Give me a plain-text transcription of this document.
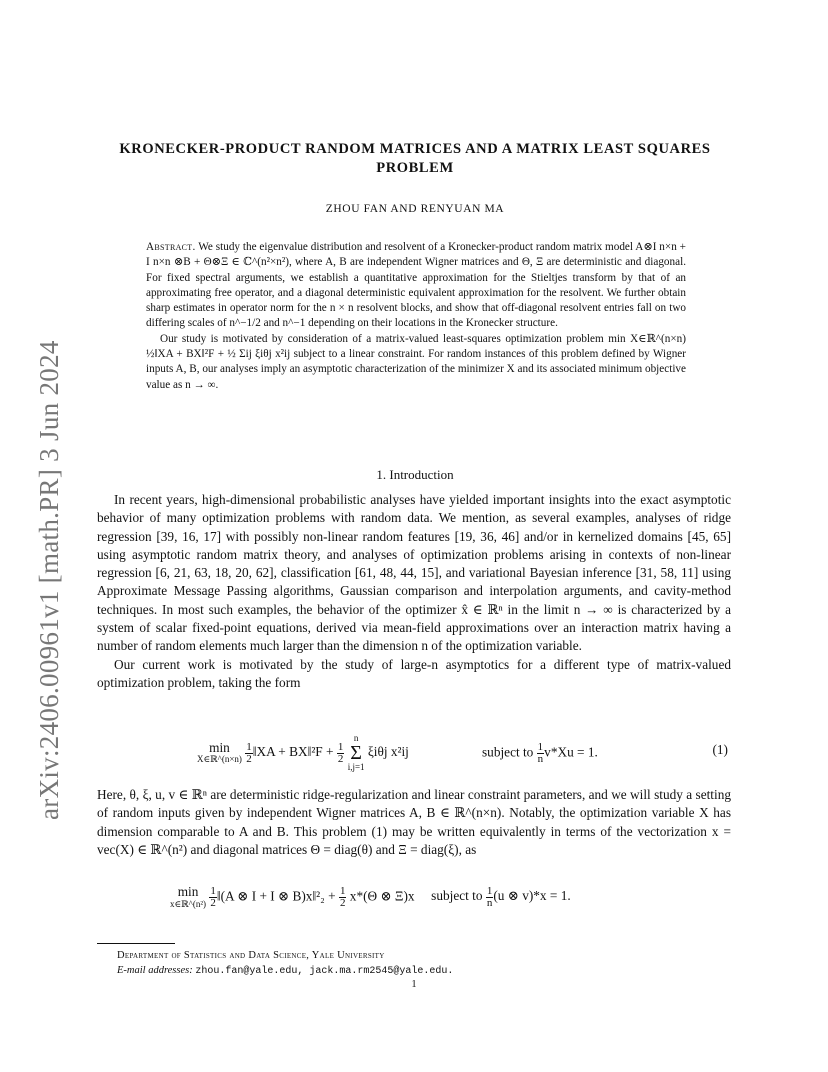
arXiv:2406.00961v1 [math.PR] 3 Jun 2024
KRONECKER-PRODUCT RANDOM MATRICES AND A MATRIX LEAST SQUARES PROBLEM
ZHOU FAN AND RENYUAN MA

Abstract. We study the eigenvalue distribution and resolvent of a Kronecker-product random matrix model A⊗I n×n + I n×n ⊗B + Θ⊗Ξ ∈ ℂ^(n²×n²), where A, B are independent Wigner matrices and Θ, Ξ are deterministic and diagonal. For fixed spectral arguments, we establish a quantitative approximation for the Stieltjes transform by that of an approximating free operator, and a diagonal deterministic equivalent approximation for the resolvent. We further obtain sharp estimates in operator norm for the n × n resolvent blocks, and show that off-diagonal resolvent entries fall on two differing scales of n^−1/2 and n^−1 depending on their locations in the Kronecker structure.

Our study is motivated by consideration of a matrix-valued least-squares optimization problem min X∈ℝ^(n×n) ½‖XA + BX‖²F + ½ Σij ξiθj x²ij subject to a linear constraint. For random instances of this problem defined by Wigner inputs A, B, our analyses imply an asymptotic characterization of the minimizer X and its associated minimum objective value as n → ∞.

1. Introduction

In recent years, high-dimensional probabilistic analyses have yielded important insights into the exact asymptotic behavior of many optimization problems with random data. We mention, as several examples, analyses of ridge regression [39, 16, 17] with possibly non-linear random features [19, 36, 46] and/or in kernelized domains [45, 65] using asymptotic random matrix theory, and analyses of optimization problems arising in contexts of non-linear regression [6, 21, 63, 18, 20, 62], classification [61, 48, 44, 15], and variational Bayesian inference [31, 58, 11] using Approximate Message Passing algorithms, Gaussian comparison and interpolation arguments, and cavity-method techniques. In most such examples, the behavior of the optimizer x̂ ∈ ℝⁿ in the limit n → ∞ is characterized by a system of scalar fixed-point equations, derived via mean-field approximations over an interaction matrix having a number of random elements much larger than the dimension n of the optimization variable.

Our current work is motivated by the study of large-n asymptotics for a different type of matrix-valued optimization problem, taking the form

min
X∈ℝ^(n×n)
$\frac{1}{2}$ ‖XA + BX‖²F + $\frac{1}{2}$

n
Σ
i,j=1
ξiθj x²ij	subject to $\frac{1}{n} v*Xu = 1$.	(1)

Here, θ, ξ, u, v ∈ ℝⁿ are deterministic ridge-regularization and linear constraint parameters, and we will study a setting of random inputs given by independent Wigner matrices A, B ∈ ℝ^(n×n). Notably, the optimization variable X has dimension comparable to A and B. This problem (1) may be written equivalently in terms of the vectorization x = vec(X) ∈ ℝ^(n²) and diagonal matrices Θ = diag(θ) and Ξ = diag(ξ), as

min
x∈ℝ^(n²)
$\frac{1}{2}$ ‖(A ⊗ I + I ⊗ B)x‖²₂ + $\frac{1}{2} x*(\Theta$ ⊗ Ξ)x subject to $\frac{1}{n} (u$ ⊗ v)*x = 1.
Department of Statistics and Data Science, Yale University
E-mail addresses: zhou.fan@yale.edu, jack.ma.rm2545@yale.edu.
1
